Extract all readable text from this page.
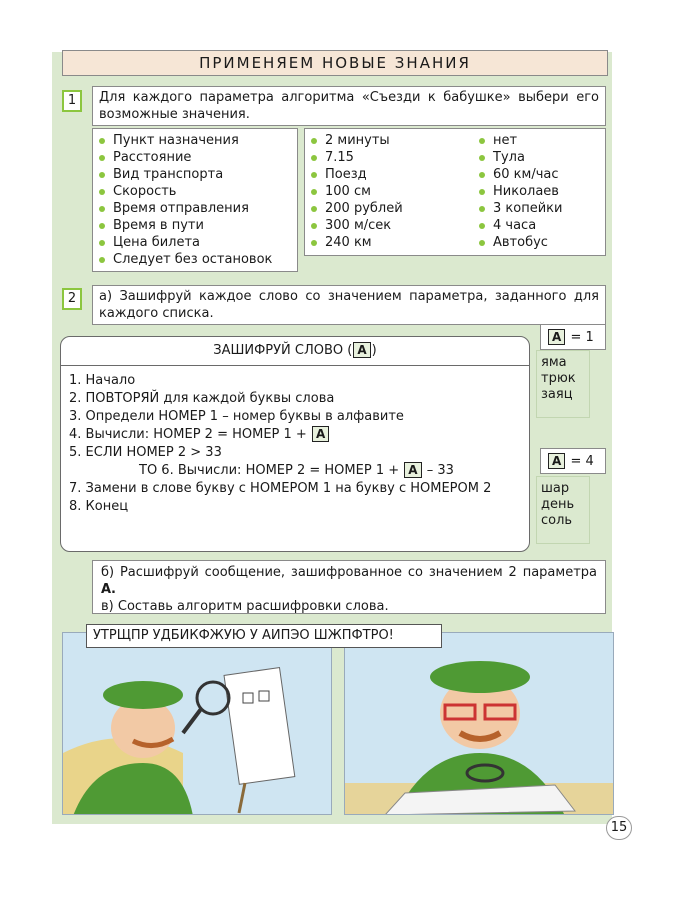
ПРИМЕНЯЕМ НОВЫЕ ЗНАНИЯ
1	Для каждого параметра алгоритма «Съезди к бабушке» выбери его возможные значения.
Пункт назначения
Расстояние
Вид транспорта
Скорость
Время отправления
Время в пути
Цена билета
Следует без остановок
2 минуты
7.15
Поезд
100 см
200 рублей
300 м/сек
240 км
нет
Тула
60 км/час
Николаев
3 копейки
4 часа
Автобус
2	а) Зашифруй каждое слово со значением параметра, заданного для каждого списка.
ЗАШИФРУЙ СЛОВО ( А )
1. Начало
2. ПОВТОРЯЙ для каждой буквы слова
3. Определи НОМЕР 1 – номер буквы в алфавите
4. Вычисли: НОМЕР 2 = НОМЕР 1 + А
5. ЕСЛИ НОМЕР 2 > 33
ТО 6. Вычисли: НОМЕР 2 = НОМЕР 1 + А – 33
7. Замени в слове букву с НОМЕРОМ 1 на букву с НОМЕРОМ 2
8. Конец
А = 1
яма
трюк
заяц
А = 4
шар
день
соль
б) Расшифруй сообщение, зашифрованное со значением 2 параметра А.
в) Составь алгоритм расшифровки слова.
УТРЩПР УДБИКФЖУЮ У АИПЭО ШЖПФТРО!
15
